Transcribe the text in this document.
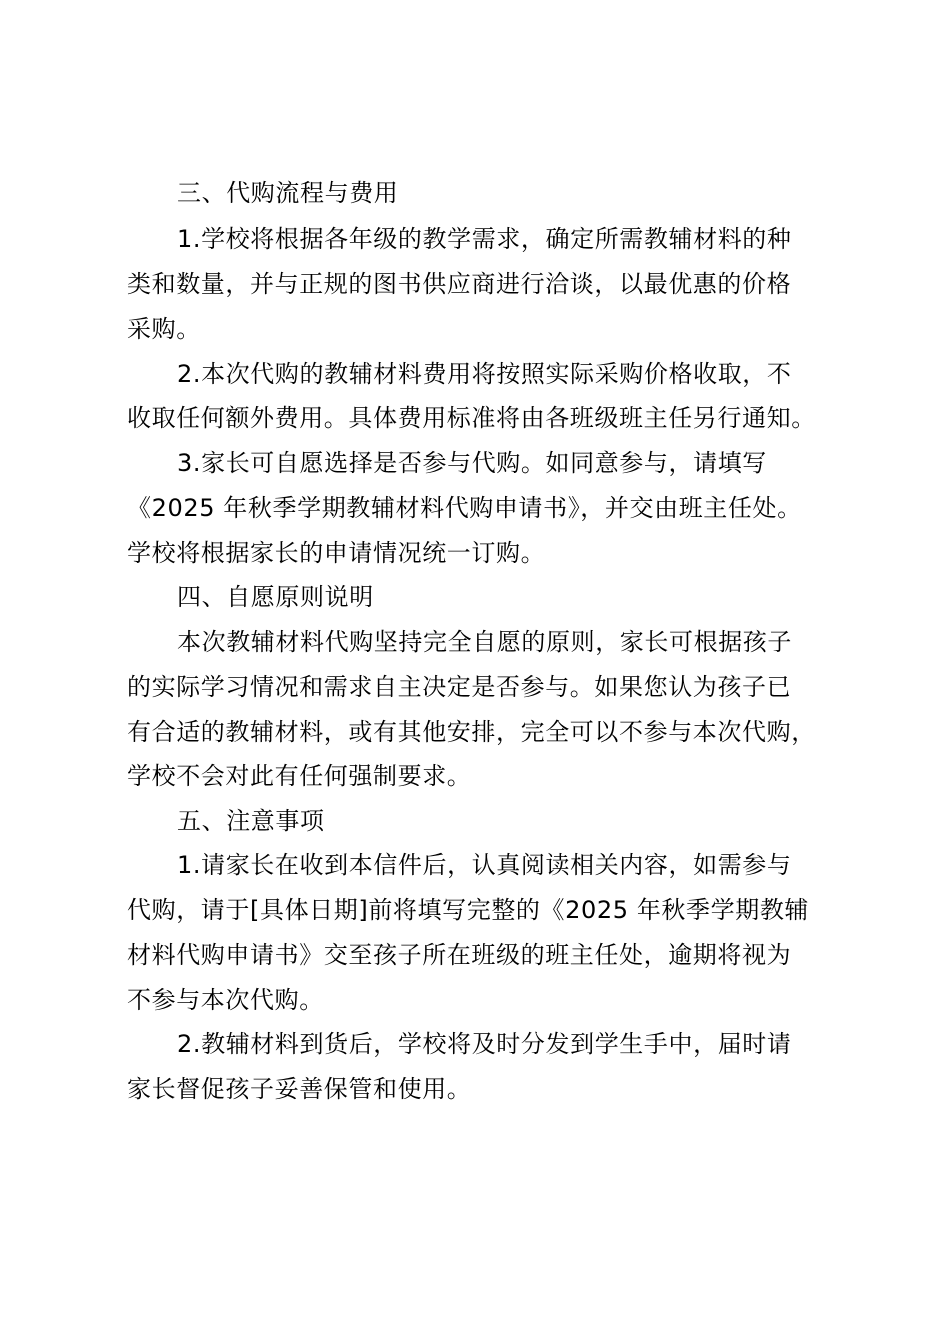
三、代购流程与费用
1.学校将根据各年级的教学需求，确定所需教辅材料的种
类和数量，并与正规的图书供应商进行洽谈，以最优惠的价格
采购。
2.本次代购的教辅材料费用将按照实际采购价格收取，不
收取任何额外费用。具体费用标准将由各班级班主任另行通知。
3.家长可自愿选择是否参与代购。如同意参与，请填写
《2025 年秋季学期教辅材料代购申请书》，并交由班主任处。
学校将根据家长的申请情况统一订购。
四、自愿原则说明
本次教辅材料代购坚持完全自愿的原则，家长可根据孩子
的实际学习情况和需求自主决定是否参与。如果您认为孩子已
有合适的教辅材料，或有其他安排，完全可以不参与本次代购，
学校不会对此有任何强制要求。
五、注意事项
1.请家长在收到本信件后，认真阅读相关内容，如需参与
代购，请于[具体日期]前将填写完整的《2025 年秋季学期教辅
材料代购申请书》交至孩子所在班级的班主任处，逾期将视为
不参与本次代购。
2.教辅材料到货后，学校将及时分发到学生手中，届时请
家长督促孩子妥善保管和使用。
